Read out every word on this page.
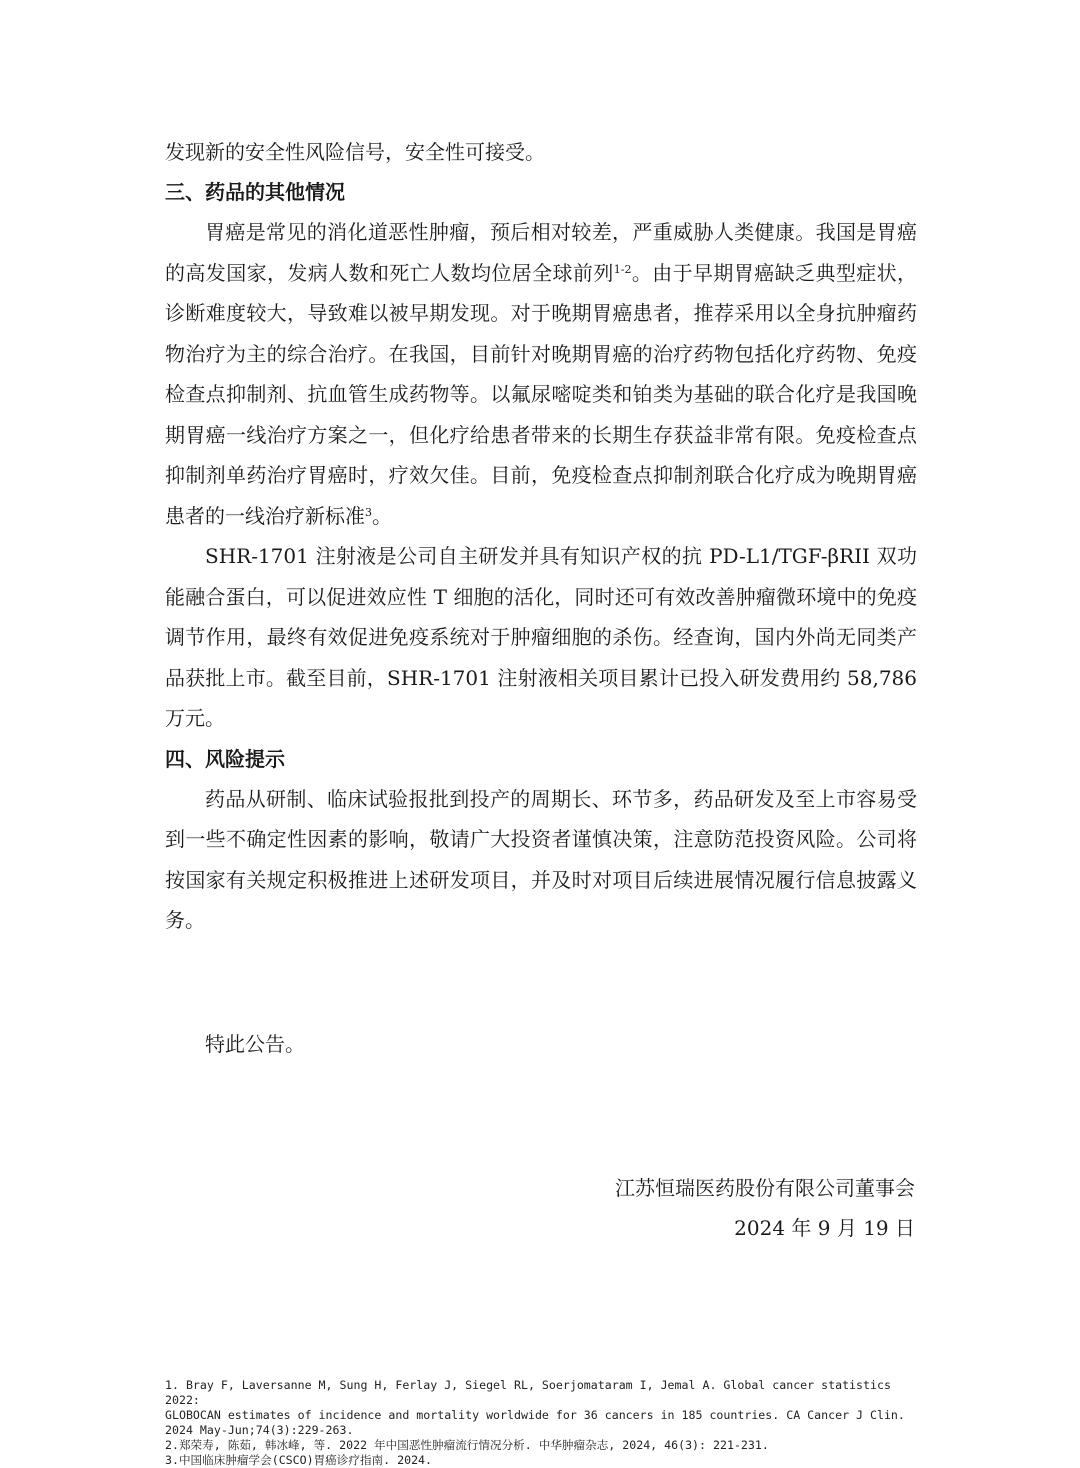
发现新的安全性风险信号，安全性可接受。

三、药品的其他情况

胃癌是常见的消化道恶性肿瘤，预后相对较差，严重威胁人类健康。我国是胃癌的高发国家，发病人数和死亡人数均位居全球前列$^{1-2}$。由于早期胃癌缺乏典型症状，诊断难度较大，导致难以被早期发现。对于晚期胃癌患者，推荐采用以全身抗肿瘤药物治疗为主的综合治疗。在我国，目前针对晚期胃癌的治疗药物包括化疗药物、免疫检查点抑制剂、抗血管生成药物等。以氟尿嘧啶类和铂类为基础的联合化疗是我国晚期胃癌一线治疗方案之一，但化疗给患者带来的长期生存获益非常有限。免疫检查点抑制剂单药治疗胃癌时，疗效欠佳。目前，免疫检查点抑制剂联合化疗成为晚期胃癌患者的一线治疗新标准$^3$。

SHR-1701 注射液是公司自主研发并具有知识产权的抗 PD-L1/TGF-βRII 双功能融合蛋白，可以促进效应性 T 细胞的活化，同时还可有效改善肿瘤微环境中的免疫调节作用，最终有效促进免疫系统对于肿瘤细胞的杀伤。经查询，国内外尚无同类产品获批上市。截至目前，SHR-1701 注射液相关项目累计已投入研发费用约 58,786 万元。

四、风险提示

药品从研制、临床试验报批到投产的周期长、环节多，药品研发及至上市容易受到一些不确定性因素的影响，敬请广大投资者谨慎决策，注意防范投资风险。公司将按国家有关规定积极推进上述研发项目，并及时对项目后续进展情况履行信息披露义务。

特此公告。

江苏恒瑞医药股份有限公司董事会
2024 年 9 月 19 日
1. Bray F, Laversanne M, Sung H, Ferlay J, Siegel RL, Soerjomataram I, Jemal A. Global cancer statistics 2022:
GLOBOCAN estimates of incidence and mortality worldwide for 36 cancers in 185 countries. CA Cancer J Clin.
2024 May-Jun;74(3):229-263.
2.郑荣寿, 陈茹, 韩冰峰, 等. 2022 年中国恶性肿瘤流行情况分析. 中华肿瘤杂志, 2024, 46(3): 221-231.
3.中国临床肿瘤学会(CSCO)胃癌诊疗指南. 2024.
